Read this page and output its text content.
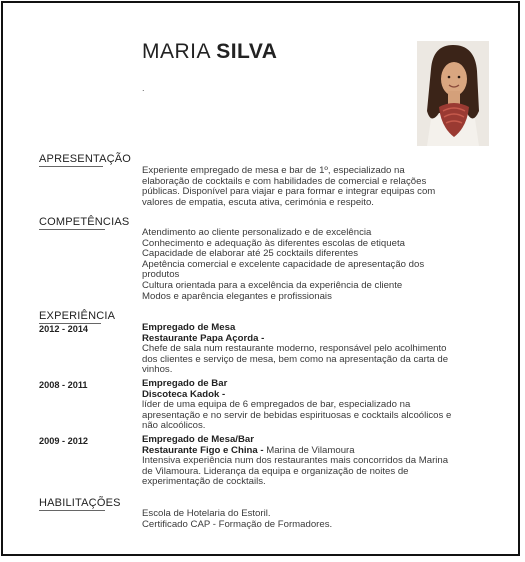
MARIA SILVA
.
APRESENTAÇÃO
Experiente empregado de mesa e bar de 1º, especializado na
elaboração de cocktails e com habilidades de comercial e relações
públicas. Disponível para viajar e para formar e integrar equipas com
valores de empatia, escuta ativa, cerimónia e respeito.
COMPETÊNCIAS
Atendimento ao cliente personalizado e de excelência
Conhecimento e adequação às diferentes escolas de etiqueta
Capacidade de elaborar até 25 cocktails diferentes
Apetência comercial e excelente capacidade de apresentação dos
produtos
Cultura orientada para a excelência da experiência de cliente
Modos e aparência elegantes e profissionais
EXPERIÊNCIA
2012 - 2014	Empregado de Mesa
Restaurante Papa Açorda -
Chefe de sala num restaurante moderno, responsável pelo acolhimento
dos clientes e serviço de mesa, bem como na apresentação da carta de
vinhos.
2008 - 2011	Empregado de Bar
Discoteca Kadok -
líder de uma equipa de 6 empregados de bar, especializado na
apresentação e no servir de bebidas espirituosas e cocktails alcoólicos e
não alcoólicos.
2009 - 2012	Empregado de Mesa/Bar
Restaurante Figo e China - Marina de Vilamoura
Intensiva experiência num dos restaurantes mais concorridos da Marina
de Vilamoura. Liderança da equipa e organização de noites de
experimentação de cocktails.
HABILITAÇÕES
Escola de Hotelaria do Estoril.
Certificado CAP - Formação de Formadores.
